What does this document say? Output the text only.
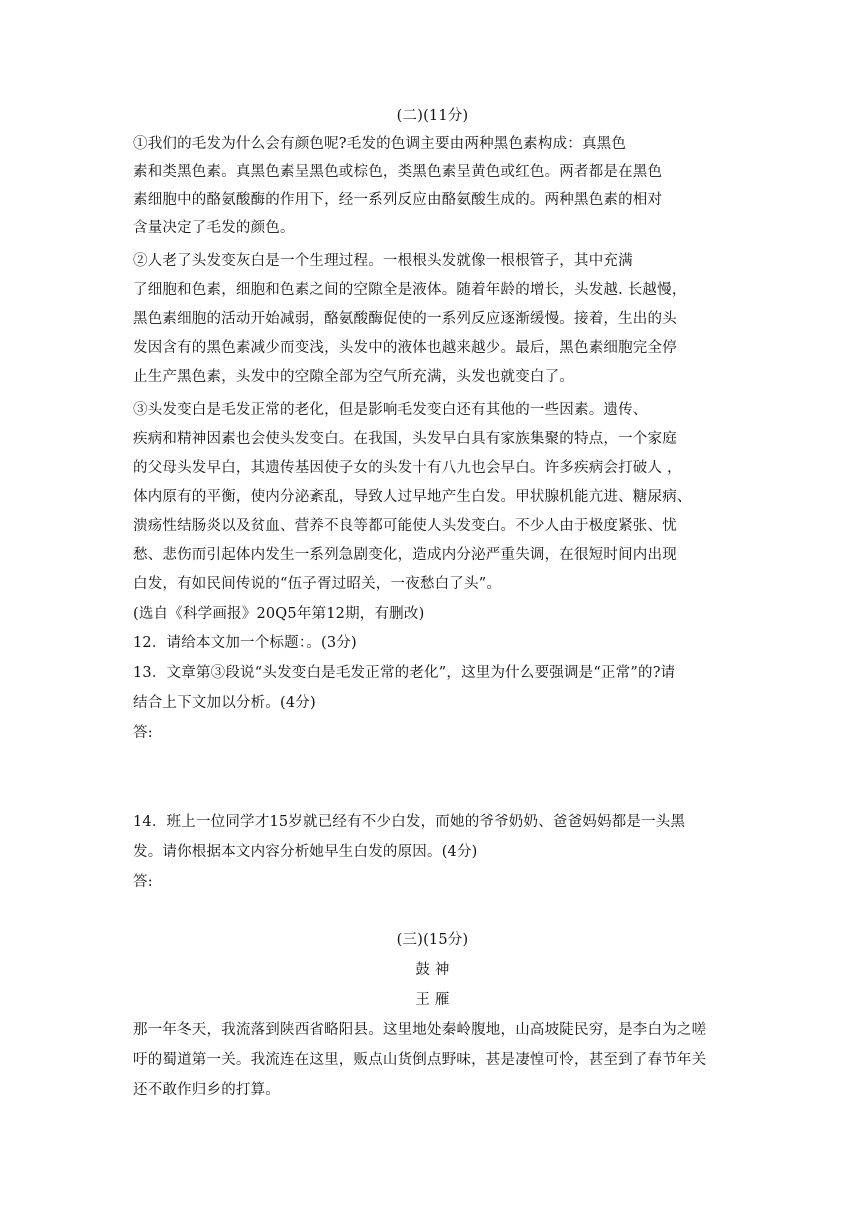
(二)(11分)
①我们的毛发为什么会有颜色呢?毛发的色调主要由两种黑色素构成：真黑色
素和类黑色素。真黑色素呈黑色或棕色，类黑色素呈黄色或红色。两者都是在黑色
素细胞中的酪氨酸酶的作用下，经一系列反应由酪氨酸生成的。两种黑色素的相对
含量决定了毛发的颜色。
②人老了头发变灰白是一个生理过程。一根根头发就像一根根管子，其中充满
了细胞和色素，细胞和色素之间的空隙全是液体。随着年龄的增长，头发越. 长越慢，
黑色素细胞的活动开始减弱，酪氨酸酶促使的一系列反应逐渐缓慢。接着，生出的头
发因含有的黑色素减少而变浅，头发中的液体也越来越少。最后，黑色素细胞完全停
止生产黑色素，头发中的空隙全部为空气所充满，头发也就变白了。
③头发变白是毛发正常的老化，但是影响毛发变白还有其他的一些因素。遗传、
疾病和精神因素也会使头发变白。在我国，头发早白具有家族集聚的特点，一个家庭
的父母头发早白，其遗传基因使子女的头发十有八九也会早白。许多疾病会打破人 ，
体内原有的平衡，使内分泌紊乱，导致人过早地产生白发。甲状腺机能亢进、糖尿病、
溃疡性结肠炎以及贫血、营养不良等都可能使人头发变白。不少人由于极度紧张、忧
愁、悲伤而引起体内发生一系列急剧变化，造成内分泌严重失调，在很短时间内出现
白发，有如民间传说的“伍子胥过昭关，一夜愁白了头”。
(选自《科学画报》20Q5年第12期，有删改)
12．请给本文加一个标题：。(3分)
13．文章第③段说“头发变白是毛发正常的老化”，这里为什么要强调是“正常”的?请
结合上下文加以分析。(4分)
答:
14．班上一位同学才15岁就已经有不少白发，而她的爷爷奶奶、爸爸妈妈都是一头黑
发。请你根据本文内容分析她早生白发的原因。(4分)
答:
(三)(15分)
鼓 神
王 雁
那一年冬天，我流落到陕西省略阳县。这里地处秦岭腹地，山高坡陡民穷，是李白为之嗟
吁的蜀道第一关。我流连在这里，贩点山货倒点野味，甚是凄惶可怜，甚至到了春节年关
还不敢作归乡的打算。
